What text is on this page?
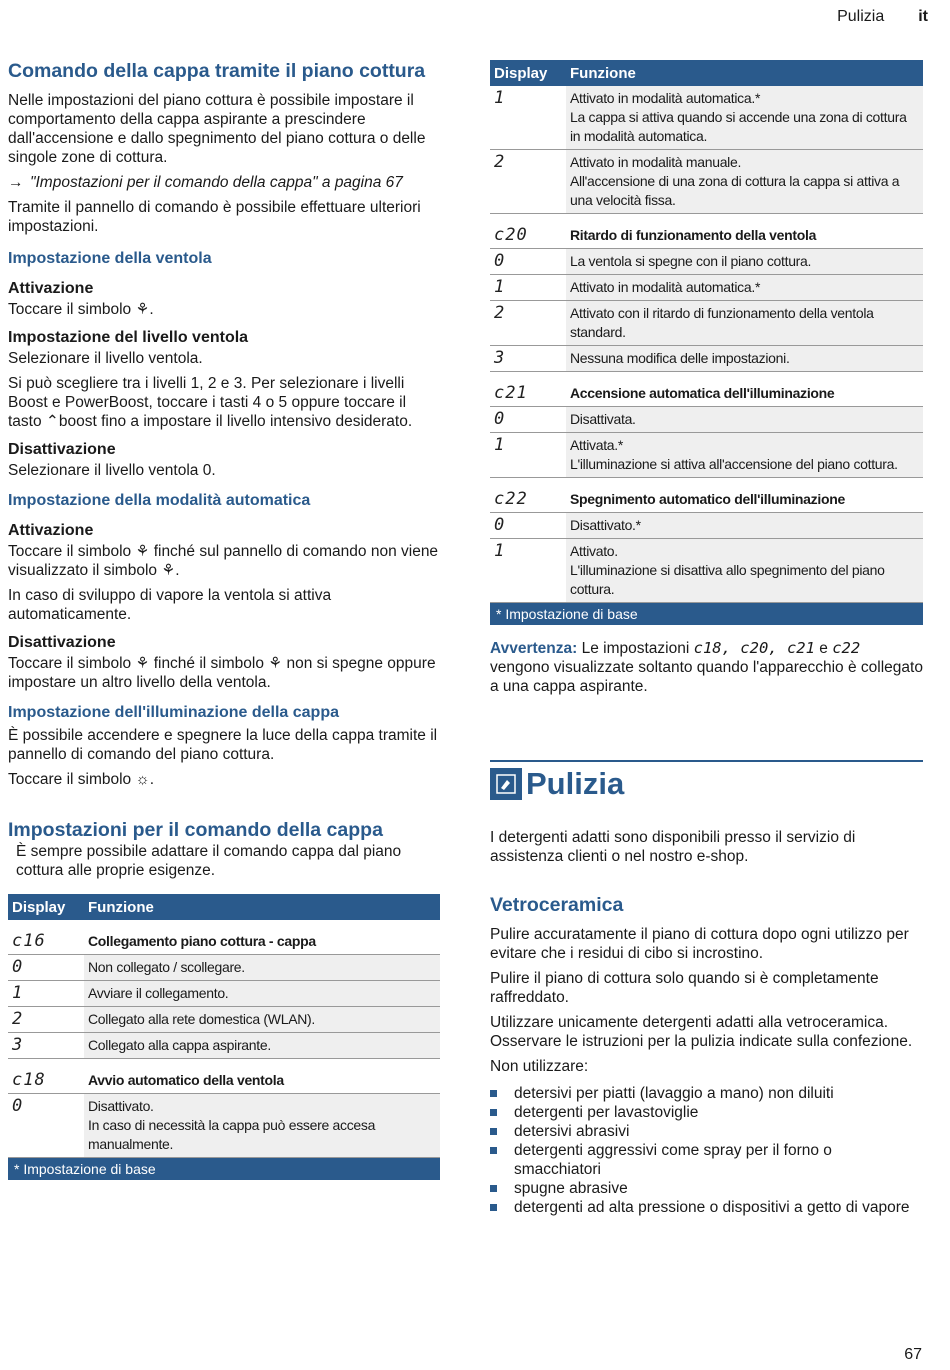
Pulizia it
Comando della cappa tramite il piano cottura

Nelle impostazioni del piano cottura è possibile impostare il comportamento della cappa aspirante a prescindere dall'accensione e dallo spegnimento del piano cottura o delle singole zone di cottura.

→ "Impostazioni per il comando della cappa" a pagina 67

Tramite il pannello di comando è possibile effettuare ulteriori impostazioni.

Impostazione della ventola
Attivazione

Toccare il simbolo ⚘.

Impostazione del livello ventola

Selezionare il livello ventola.

Si può scegliere tra i livelli 1, 2 e 3. Per selezionare i livelli Boost e PowerBoost, toccare i tasti 4 o 5 oppure toccare il tasto ⌃boost fino a impostare il livello intensivo desiderato.

Disattivazione

Selezionare il livello ventola 0.

Impostazione della modalità automatica
Attivazione

Toccare il simbolo ⚘ finché sul pannello di comando non viene visualizzato il simbolo ⚘.

In caso di sviluppo di vapore la ventola si attiva automaticamente.

Disattivazione

Toccare il simbolo ⚘ finché il simbolo ⚘ non si spegne oppure impostare un altro livello della ventola.

Impostazione dell'illuminazione della cappa

È possibile accendere e spegnere la luce della cappa tramite il pannello di comando del piano cottura.

Toccare il simbolo ☼.

Impostazioni per il comando della cappa

È sempre possibile adattare il comando cappa dal piano cottura alle proprie esigenze.

Display	Funzione
c16	Collegamento piano cottura - cappa
0	Non collegato / scollegare.
1	Avviare il collegamento.
2	Collegato alla rete domestica (WLAN).
3	Collegato alla cappa aspirante.
c18	Avvio automatico della ventola
0	Disattivato.
In caso di necessità la cappa può essere accesa manualmente.
* Impostazione di base
Display	Funzione
1	Attivato in modalità automatica.*
La cappa si attiva quando si accende una zona di cottura in modalità automatica.

2	Attivato in modalità manuale.
All'accensione di una zona di cottura la cappa si attiva a una velocità fissa.

c20	Ritardo di funzionamento della ventola
0	La ventola si spegne con il piano cottura.
1	Attivato in modalità automatica.*
2	Attivato con il ritardo di funzionamento della ventola standard.
3	Nessuna modifica delle impostazioni.
c21	Accensione automatica dell'illuminazione
0	Disattivata.
1	Attivata.*
L'illuminazione si attiva all'accensione del piano cottura.

c22	Spegnimento automatico dell'illuminazione
0	Disattivato.*
1	Attivato.
L'illuminazione si disattiva allo spegnimento del piano cottura.
* Impostazione di base

Avvertenza: Le impostazioni c18, c20, c21 e c22 vengono visualizzate soltanto quando l'apparecchio è collegato a una cappa aspirante.

Pulizia

I detergenti adatti sono disponibili presso il servizio di assistenza clienti o nel nostro e-shop.

Vetroceramica

Pulire accuratamente il piano di cottura dopo ogni utilizzo per evitare che i residui di cibo si incrostino.

Pulire il piano di cottura solo quando si è completamente raffreddato.

Utilizzare unicamente detergenti adatti alla vetroceramica. Osservare le istruzioni per la pulizia indicate sulla confezione.

Non utilizzare:

detersivi per piatti (lavaggio a mano) non diluiti
detergenti per lavastoviglie
detersivi abrasivi
detergenti aggressivi come spray per il forno o smacchiatori
spugne abrasive
detergenti ad alta pressione o dispositivi a getto di vapore
67
